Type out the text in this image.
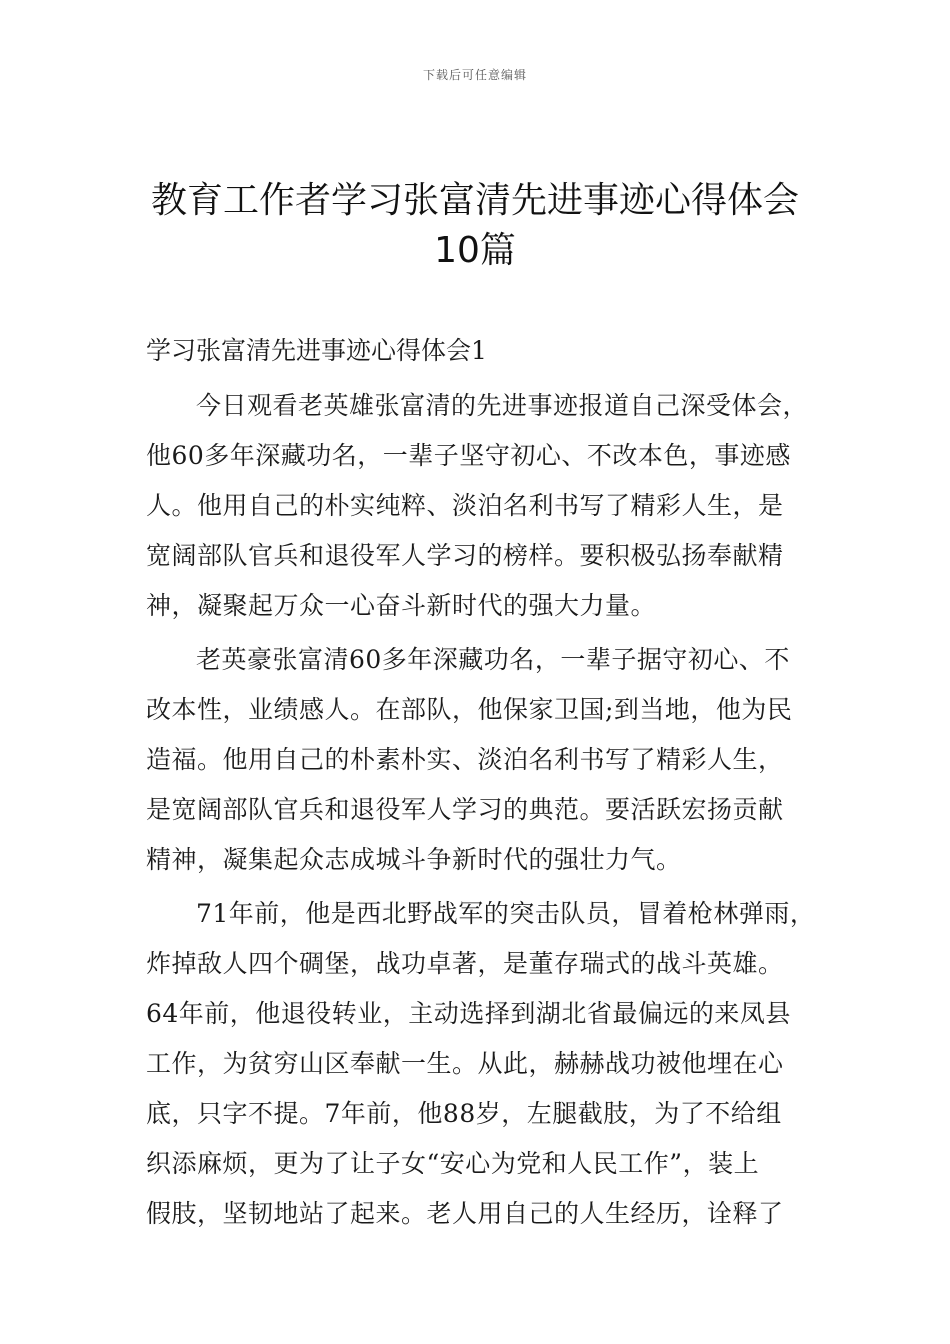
下载后可任意编辑
教育工作者学习张富清先进事迹心得体会
10篇
学习张富清先进事迹心得体会1

今日观看老英雄张富清的先进事迹报道自己深受体会，
他60多年深藏功名，一辈子坚守初心、不改本色，事迹感
人。他用自己的朴实纯粹、淡泊名利书写了精彩人生，是
宽阔部队官兵和退役军人学习的榜样。要积极弘扬奉献精
神，凝聚起万众一心奋斗新时代的强大力量。

老英豪张富清60多年深藏功名，一辈子据守初心、不
改本性，业绩感人。在部队，他保家卫国;到当地，他为民
造福。他用自己的朴素朴实、淡泊名利书写了精彩人生，
是宽阔部队官兵和退役军人学习的典范。要活跃宏扬贡献
精神，凝集起众志成城斗争新时代的强壮力气。

71年前，他是西北野战军的突击队员，冒着枪林弹雨，
炸掉敌人四个碉堡，战功卓著，是董存瑞式的战斗英雄。
64年前，他退役转业，主动选择到湖北省最偏远的来凤县
工作，为贫穷山区奉献一生。从此，赫赫战功被他埋在心
底，只字不提。7年前，他88岁，左腿截肢，为了不给组
织添麻烦，更为了让子女“安心为党和人民工作”，装上
假肢，坚韧地站了起来。老人用自己的人生经历，诠释了
